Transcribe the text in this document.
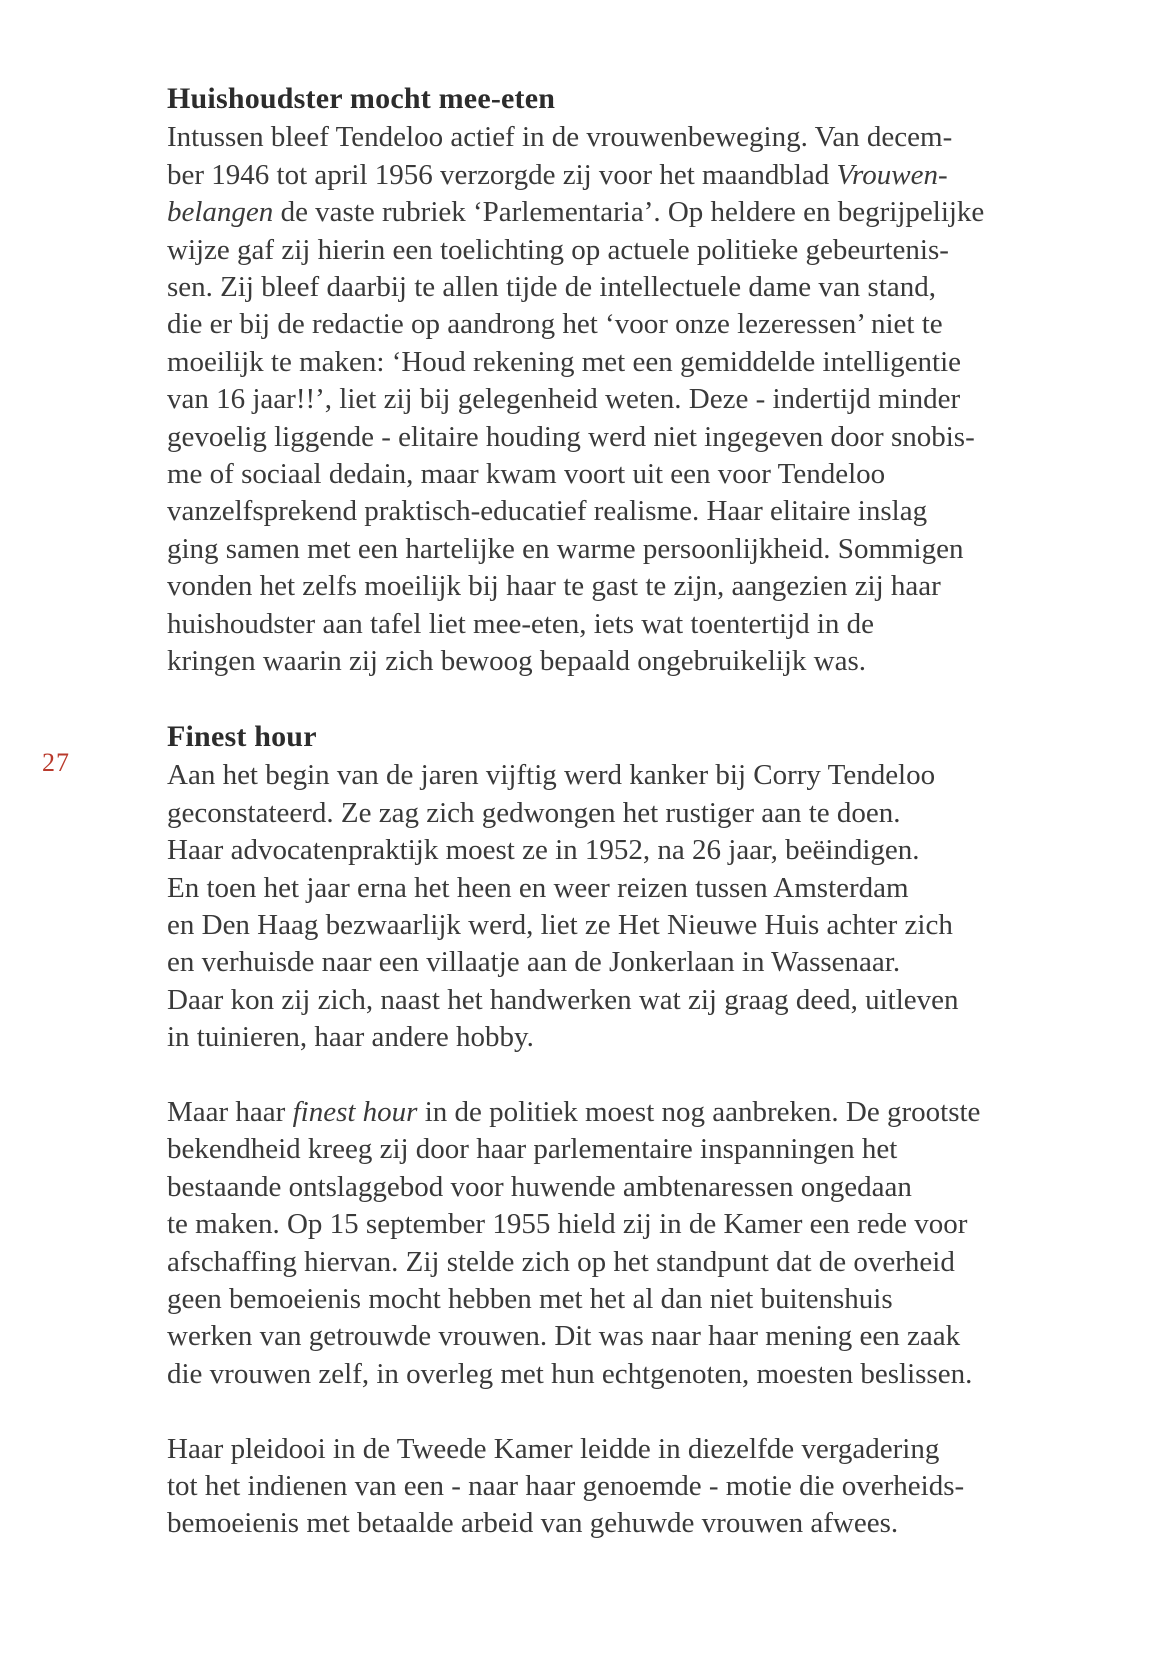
27
Huishoudster mocht mee-eten

Intussen bleef Tendeloo actief in de vrouwenbeweging. Van decem-
ber 1946 tot april 1956 verzorgde zij voor het maandblad Vrouwen-
belangen de vaste rubriek ‘Parlementaria’. Op heldere en begrijpelijke
wijze gaf zij hierin een toelichting op actuele politieke gebeurtenis-
sen. Zij bleef daarbij te allen tijde de intellectuele dame van stand,
die er bij de redactie op aandrong het ‘voor onze lezeressen’ niet te
moeilijk te maken: ‘Houd rekening met een gemiddelde intelligentie
van 16 jaar!!’, liet zij bij gelegenheid weten. Deze - indertijd minder
gevoelig liggende - elitaire houding werd niet ingegeven door snobis-
me of sociaal dedain, maar kwam voort uit een voor Tendeloo
vanzelfsprekend praktisch-educatief realisme. Haar elitaire inslag
ging samen met een hartelijke en warme persoonlijkheid. Sommigen
vonden het zelfs moeilijk bij haar te gast te zijn, aangezien zij haar
huishoudster aan tafel liet mee-eten, iets wat toentertijd in de
kringen waarin zij zich bewoog bepaald ongebruikelijk was.

Finest hour

Aan het begin van de jaren vijftig werd kanker bij Corry Tendeloo
geconstateerd. Ze zag zich gedwongen het rustiger aan te doen.
Haar advocatenpraktijk moest ze in 1952, na 26 jaar, beëindigen.
En toen het jaar erna het heen en weer reizen tussen Amsterdam
en Den Haag bezwaarlijk werd, liet ze Het Nieuwe Huis achter zich
en verhuisde naar een villaatje aan de Jonkerlaan in Wassenaar.
Daar kon zij zich, naast het handwerken wat zij graag deed, uitleven
in tuinieren, haar andere hobby.

Maar haar finest hour in de politiek moest nog aanbreken. De grootste
bekendheid kreeg zij door haar parlementaire inspanningen het
bestaande ontslaggebod voor huwende ambtenaressen ongedaan
te maken. Op 15 september 1955 hield zij in de Kamer een rede voor
afschaffing hiervan. Zij stelde zich op het standpunt dat de overheid
geen bemoeienis mocht hebben met het al dan niet buitenshuis
werken van getrouwde vrouwen. Dit was naar haar mening een zaak
die vrouwen zelf, in overleg met hun echtgenoten, moesten beslissen.

Haar pleidooi in de Tweede Kamer leidde in diezelfde vergadering
tot het indienen van een - naar haar genoemde - motie die overheids-
bemoeienis met betaalde arbeid van gehuwde vrouwen afwees.
